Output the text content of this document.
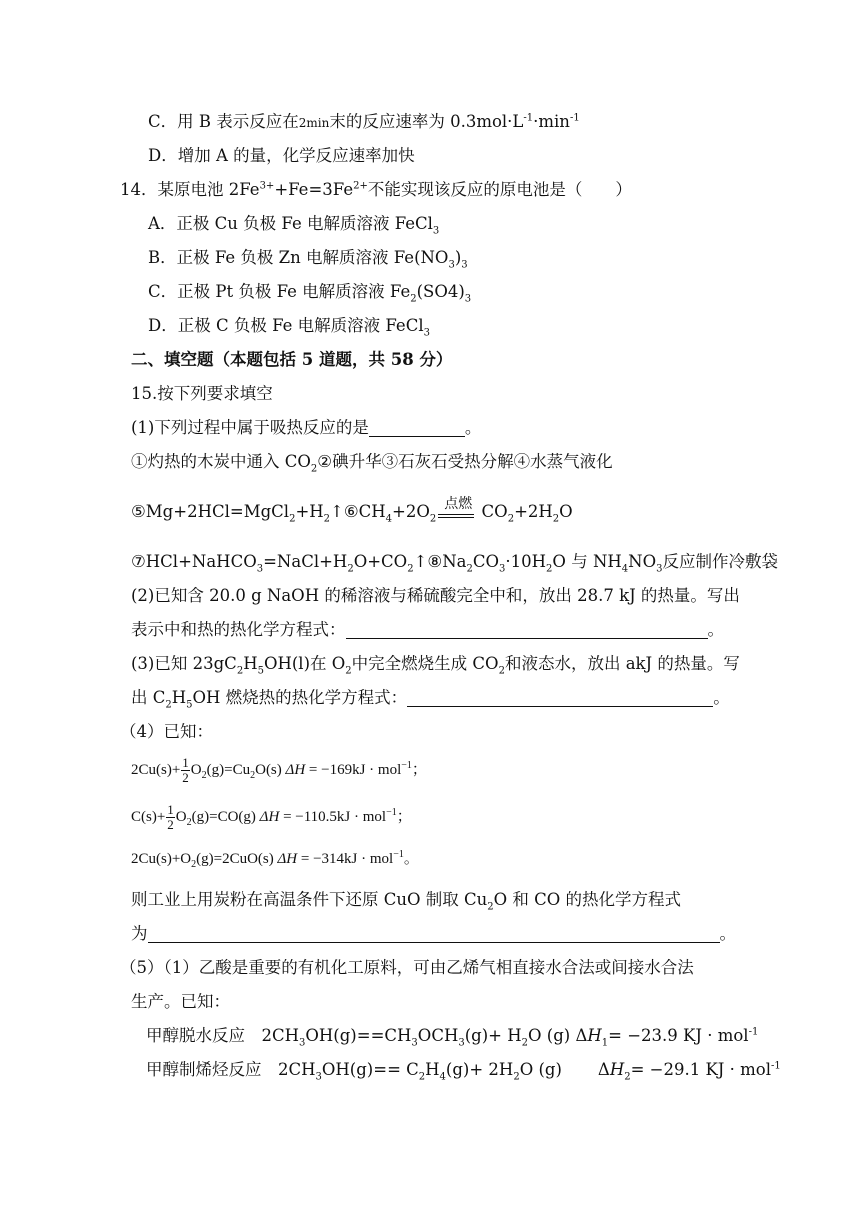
C．用 B 表示反应在2min末的反应速率为 $0.3mol\cdot L^{-1}\cdot\min^{-1}$
D．增加 A 的量，化学反应速率加快
14．某原电池 $2Fe^{3+}+Fe=3Fe^{2+}$不能实现该反应的原电池是（　　）
A．正极 Cu 负极 Fe 电解质溶液 FeCl$_3$
B．正极 Fe 负极 Zn 电解质溶液 $Fe(NO_3)_3$
C．正极 Pt 负极 Fe 电解质溶液 $Fe_2(SO4)_3$
D．正极 C 负极 Fe 电解质溶液 FeCl$_3$
二、填空题（本题包括 5 道题，共 58 分）
15.按下列要求填空
(1)下列过程中属于吸热反应的是	。
①灼热的木炭中通入 $CO_2②$碘升华③石灰石受热分解④水蒸气液化
$⑤Mg+2HCl=MgCl_2+H_2↑⑥CH_4+2O_2$
点燃 $CO_2+2H_2O$
$⑦HCl+NaHCO_3=NaCl+H_2O+CO_2↑⑧Na_2CO_3\cdot 10H_2O$ 与 $NH_4NO_3$反应制作冷敷袋
(2)已知含 20.0 g NaOH 的稀溶液与稀硫酸完全中和，放出 28.7 kJ 的热量。写出
表示中和热的热化学方程式：	。
(3)已知 $23gC_2H_5OH(l)$在 $O_2$中完全燃烧生成 $CO_2$和液态水，放出 akJ 的热量。写
出 $C_2H_5OH$ 燃烧热的热化学方程式：	。
（4）已知：
$2Cu(s)+ \frac{1}{2} O_2(g)=Cu_2O(s) \Delta H = -169kJ \cdot mol^{-1}$；
$C(s)+ \frac{1}{2} O_2(g)=CO(g) \Delta H = -110.5kJ \cdot mol^{-1}$；
$2Cu(s)+O_2(g)=2CuO(s) \Delta H = -314kJ \cdot mol^{-1}$。
则工业上用炭粉在高温条件下还原 CuO 制取 $Cu_2O$ 和 CO 的热化学方程式
为	。
（5）（1）乙酸是重要的有机化工原料，可由乙烯气相直接水合法或间接水合法
生产。已知：
甲醇脱水反应　$2CH_3OH(g)==CH_3OCH_3(g)+ H_2O$ (g) $\Delta H_1= -23.9$ KJ · mol$^{-1}$
甲醇制烯烃反应　$2CH_3OH(g)== C_2H_4(g)+ 2H_2O$ (g) $\Delta H_2= -29.1$ KJ · mol$^{-1}$
